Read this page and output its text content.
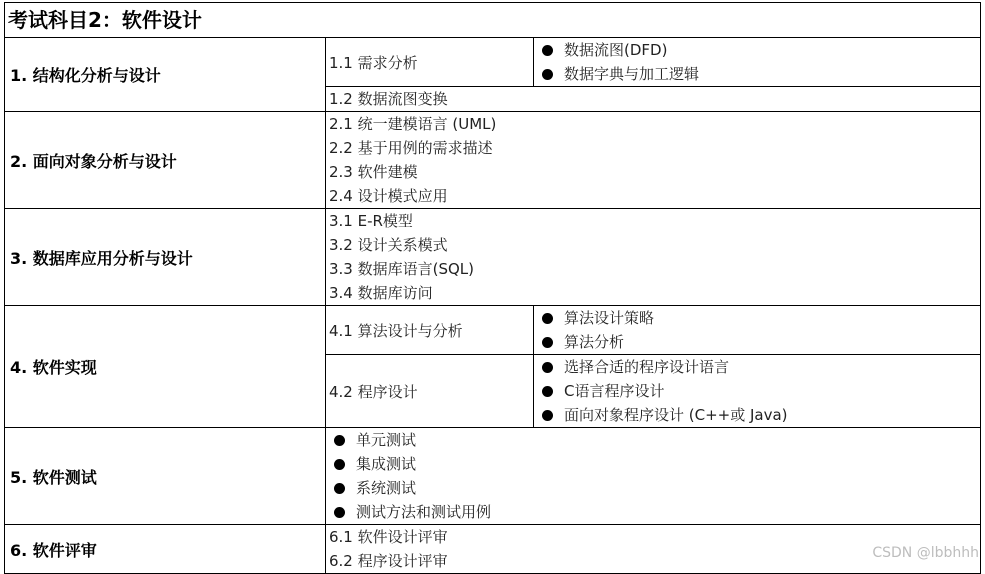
考试科目2：软件设计
1. 结构化分析与设计
1.1 需求分析
数据流图(DFD)
数据字典与加工逻辑
1.2 数据流图变换
2. 面向对象分析与设计
2.1 统一建模语言 (UML)
2.2 基于用例的需求描述
2.3 软件建模
2.4 设计模式应用
3. 数据库应用分析与设计
3.1 E-R模型
3.2 设计关系模式
3.3 数据库语言(SQL)
3.4 数据库访问
4. 软件实现
4.1 算法设计与分析
算法设计策略
算法分析
4.2 程序设计
选择合适的程序设计语言
C语言程序设计
面向对象程序设计 (C++或 Java)
5. 软件测试
单元测试
集成测试
系统测试
测试方法和测试用例
6. 软件评审
6.1 软件设计评审
6.2 程序设计评审	CSDN @lbbhhh
